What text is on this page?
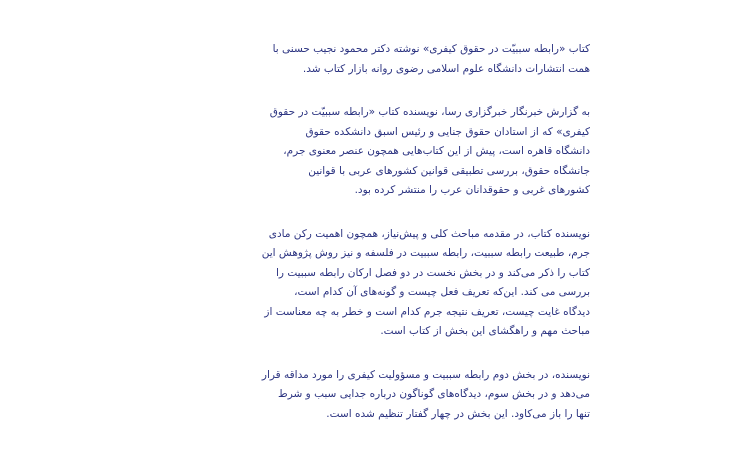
کتاب «رابطه سببیّت در حقوق کیفری» نوشته دکتر محمود نجیب حسنی با
همت انتشارات دانشگاه علوم اسلامی رضوی روانه بازار کتاب شد.

به گزارش خبرنگار خبرگزاری رسا، نویسنده کتاب «رابطه سببیّت در حقوق
کیفری» که از استادان حقوق جنایی و رئیس اسبق دانشکده حقوق
دانشگاه قاهره است، پیش از این کتاب‌هایی همچون عنصر معنوی جرم،
جانشگاه حقوق، بررسی تطبیقی قوانین کشورهای عربی با قوانین
کشورهای غربی و حقوقدانان عرب را منتشر کرده بود.

نویسنده کتاب، در مقدمه مباحث کلی و پیش‌نیاز، همچون اهمیت رکن مادی
جرم، طبیعت رابطه سببیت، رابطه سببیت در فلسفه و نیز روش پژوهش این
کتاب را ذکر می‌کند و در بخش نخست در دو فصل ارکان رابطه سببیت را
بررسی می کند. این‌که تعریف فعل چیست و گونه‌های آن کدام است،
دیدگاه غایت چیست، تعریف نتیجه جرم کدام است و خطر به چه معناست از
مباحث مهم و راهگشای این بخش از کتاب است.

نویسنده، در بخش دوم رابطه سببیت و مسؤولیت کیفری را مورد مداقه قرار
می‌دهد و در بخش سوم، دیدگاه‌های گوناگون درباره جدایی سبب و شرط
تنها را باز می‌کاود. این بخش در چهار گفتار تنظیم شده است.
